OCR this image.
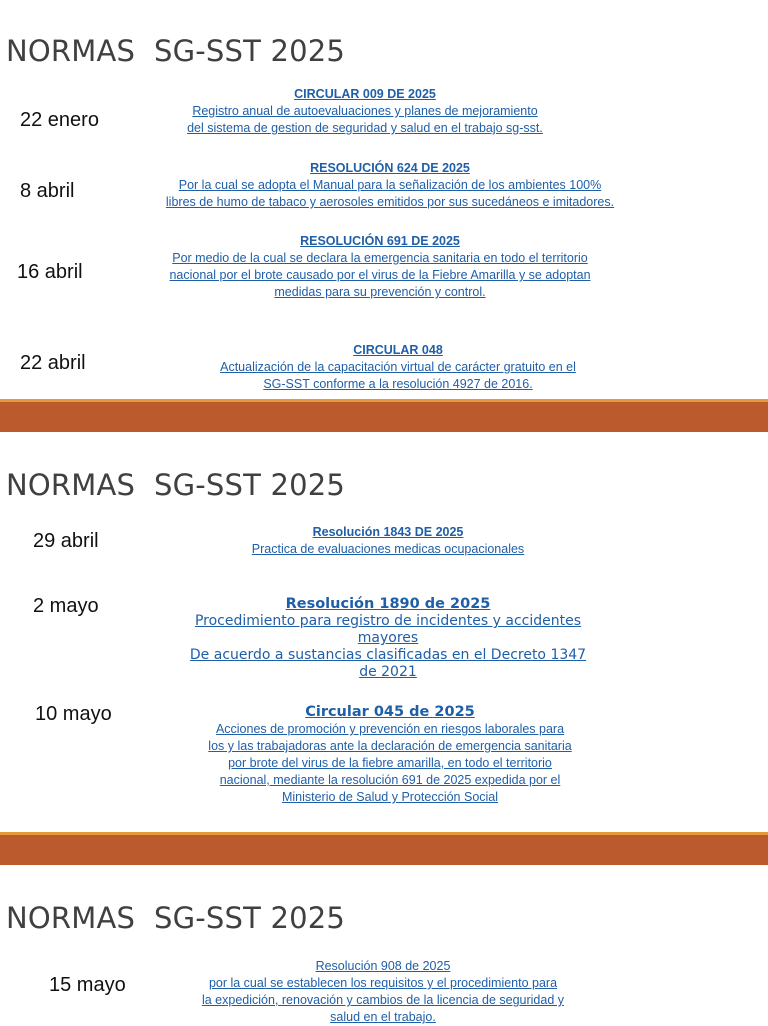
NORMAS  SG-SST 2025
22 enero
CIRCULAR 009 DE 2025
Registro anual de autoevaluaciones y planes de mejoramiento
del sistema de gestion de seguridad y salud en el trabajo sg-sst.
8 abril
RESOLUCIÓN 624 DE 2025
Por la cual se adopta el Manual para la señalización de los ambientes 100%
libres de humo de tabaco y aerosoles emitidos por sus sucedáneos e imitadores.
16 abril
RESOLUCIÓN 691 DE 2025
Por medio de la cual se declara la emergencia sanitaria en todo el territorio
nacional por el brote causado por el virus de la Fiebre Amarilla y se adoptan
medidas para su prevención y control.
22 abril
CIRCULAR 048
Actualización de la capacitación virtual de carácter gratuito en el
SG-SST conforme a la resolución 4927 de 2016.
NORMAS  SG-SST 2025
29 abril	Resolución 1843 DE 2025
Practica de evaluaciones medicas ocupacionales
2 mayo	Resolución 1890 de 2025
Procedimiento para registro de incidentes y accidentes
mayores
De acuerdo a sustancias clasificadas en el Decreto 1347
de 2021
10 mayo	Circular 045 de 2025
Acciones de promoción y prevención en riesgos laborales para
los y las trabajadoras ante la declaración de emergencia sanitaria
por brote del virus de la fiebre amarilla, en todo el territorio
nacional, mediante la resolución 691 de 2025 expedida por el
Ministerio de Salud y Protección Social
NORMAS  SG-SST 2025
15 mayo
Resolución 908 de 2025
por la cual se establecen los requisitos y el procedimiento para
la expedición, renovación y cambios de la licencia de seguridad y
salud en el trabajo.
